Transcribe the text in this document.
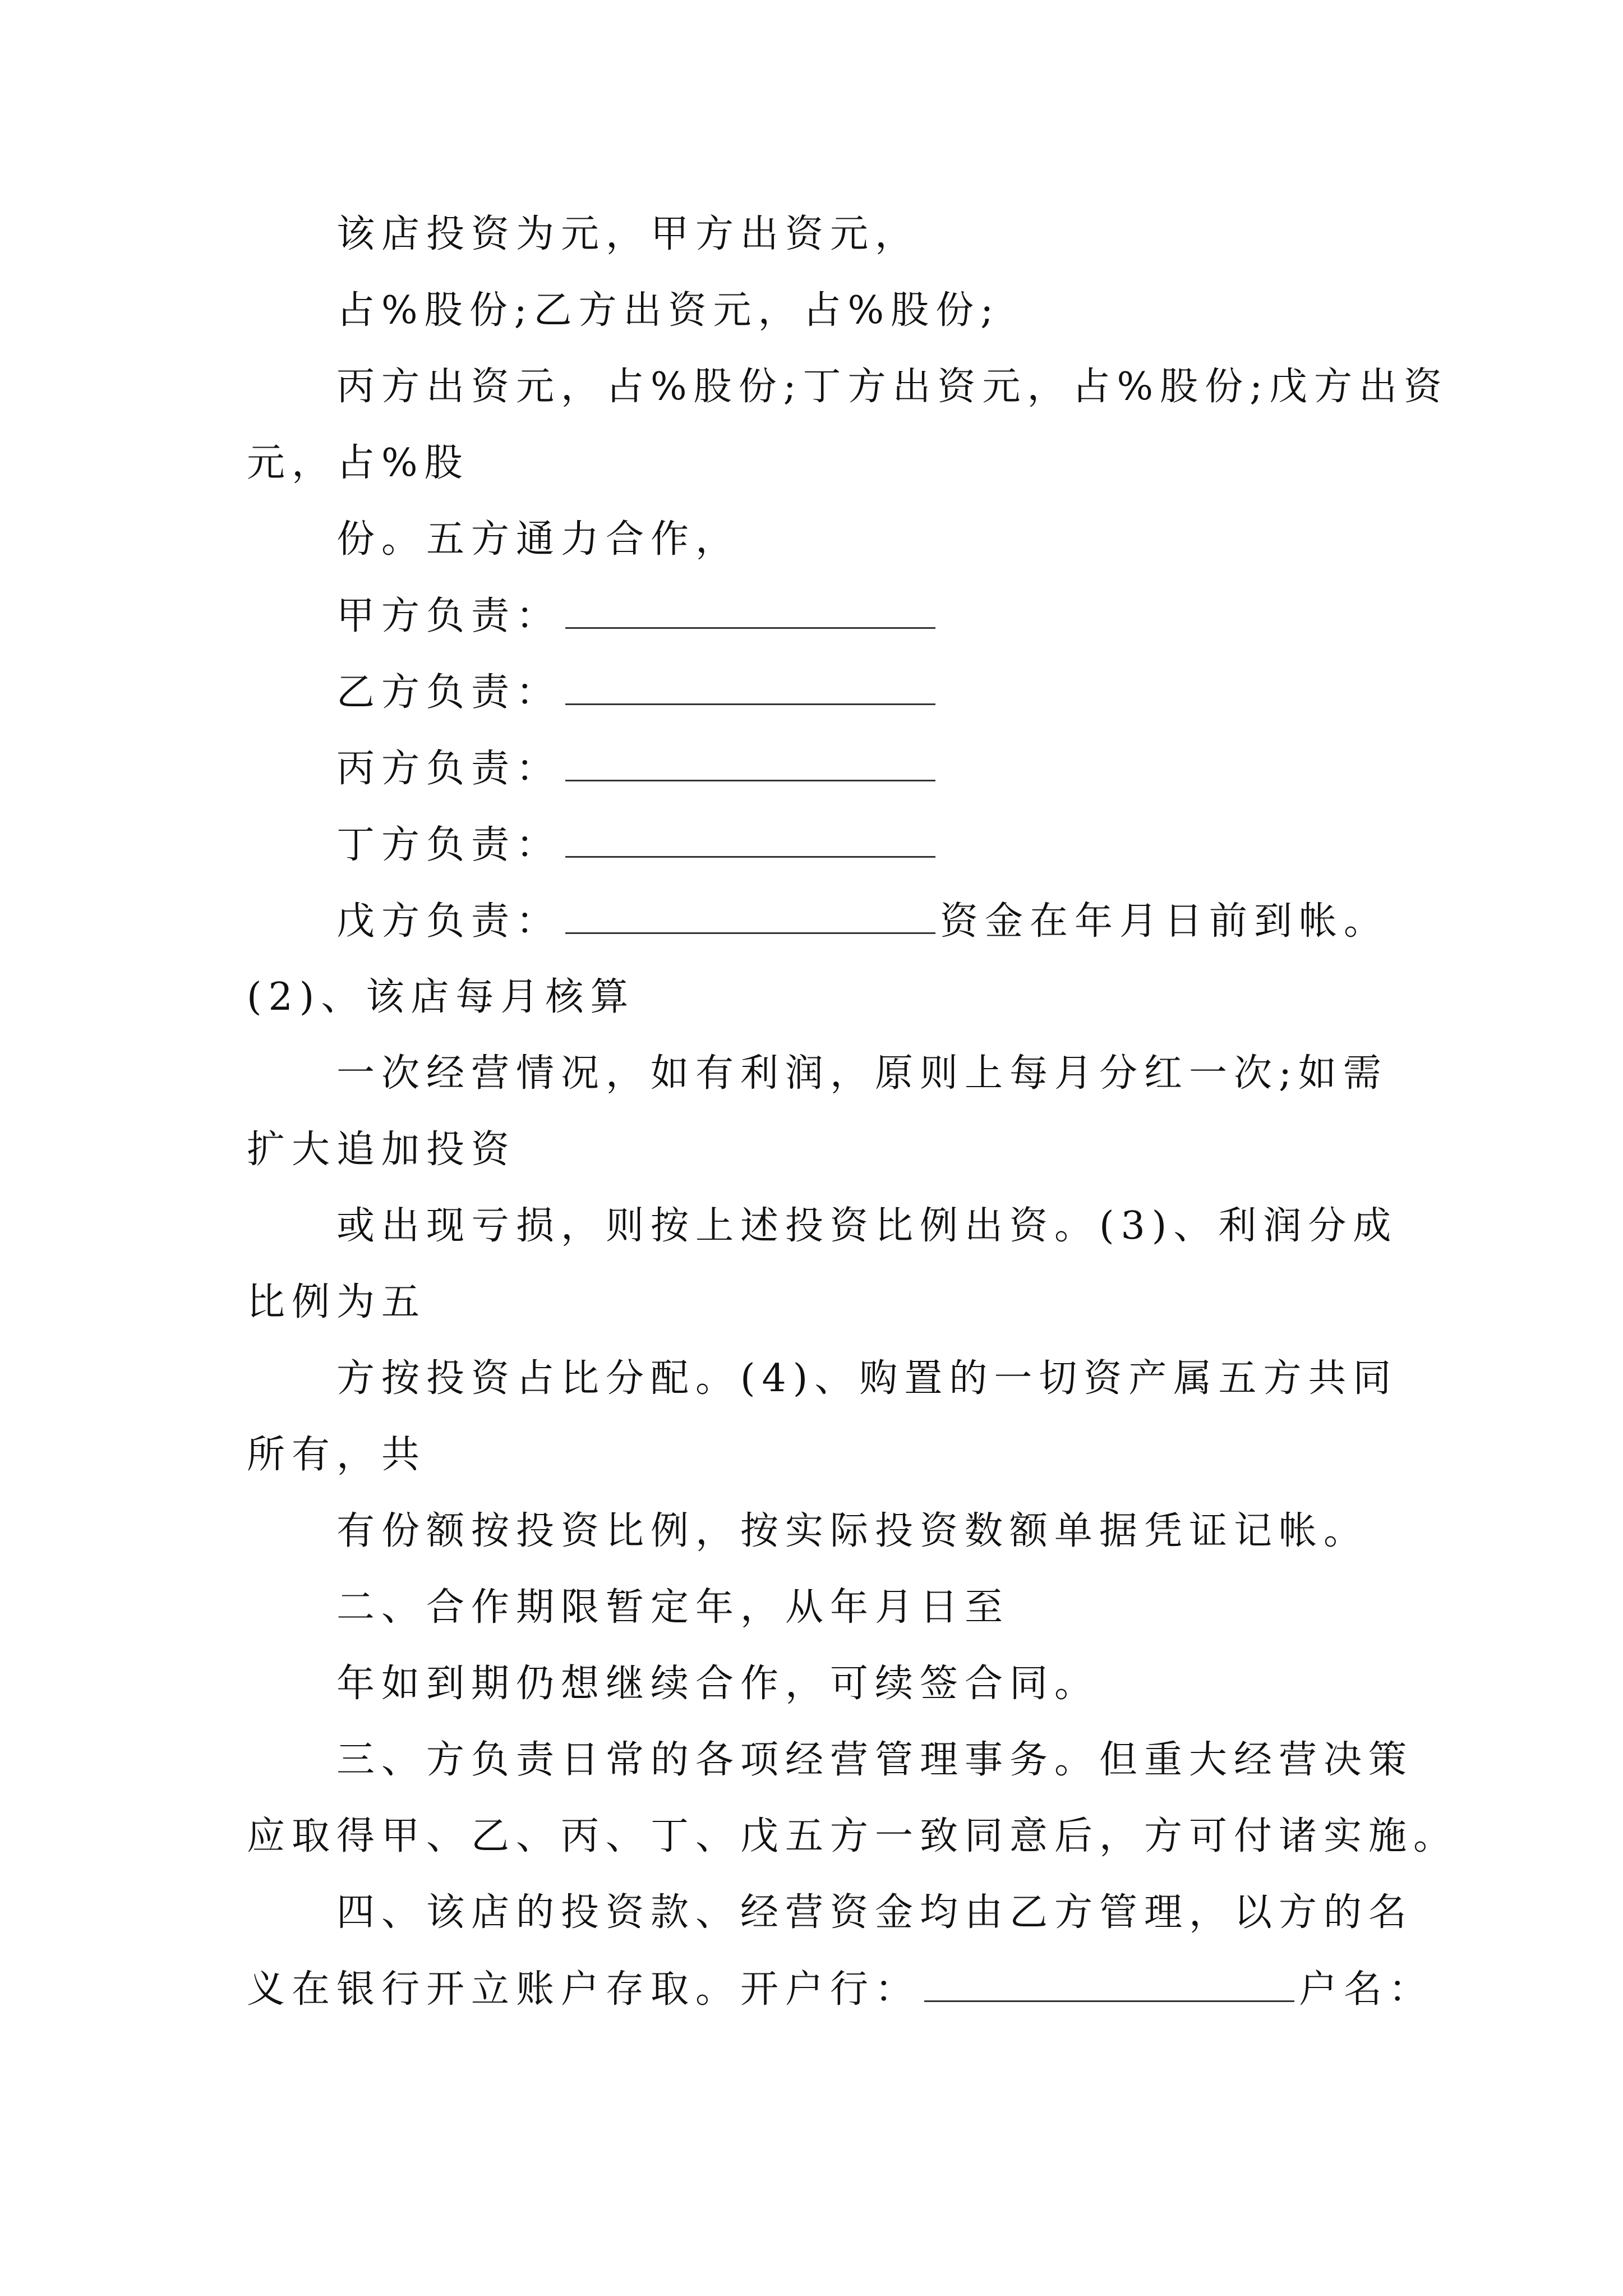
该店投资为元，甲方出资元，
占%股份;乙方出资元，占%股份;
丙方出资元，占%股份;丁方出资元，占%股份;戊方出资
元，占%股
份。五方通力合作，
甲方负责：
乙方负责：
丙方负责：
丁方负责：
戊方负责：	资金在年月日前到帐。
(2)、该店每月核算
一次经营情况，如有利润，原则上每月分红一次;如需
扩大追加投资
或出现亏损，则按上述投资比例出资。(3)、利润分成
比例为五
方按投资占比分配。(4)、购置的一切资产属五方共同
所有，共
有份额按投资比例，按实际投资数额单据凭证记帐。
二、合作期限暂定年，从年月日至
年如到期仍想继续合作，可续签合同。
三、方负责日常的各项经营管理事务。但重大经营决策
应取得甲、乙、丙、丁、戊五方一致同意后，方可付诸实施。
四、该店的投资款、经营资金均由乙方管理，以方的名
义在银行开立账户存取。开户行：	户名：
